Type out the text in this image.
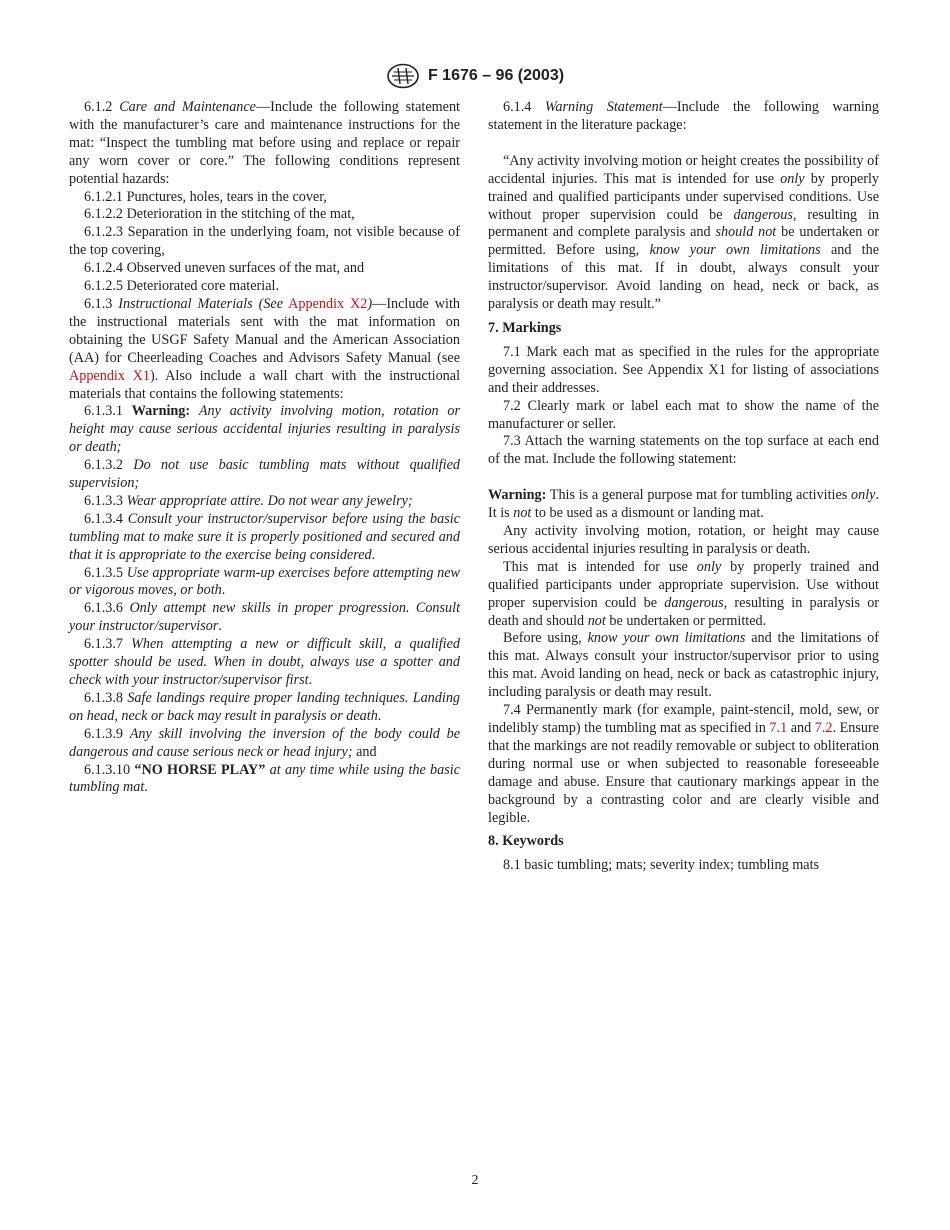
F 1676 – 96 (2003)

6.1.2 Care and Maintenance—Include the following statement with the manufacturer’s care and maintenance instructions for the mat: “Inspect the tumbling mat before using and replace or repair any worn cover or core.” The following conditions represent potential hazards:

6.1.2.1 Punctures, holes, tears in the cover,

6.1.2.2 Deterioration in the stitching of the mat,

6.1.2.3 Separation in the underlying foam, not visible because of the top covering,

6.1.2.4 Observed uneven surfaces of the mat, and

6.1.2.5 Deteriorated core material.

6.1.3 Instructional Materials (See Appendix X2)—Include with the instructional materials sent with the mat information on obtaining the USGF Safety Manual and the American Association (AA) for Cheerleading Coaches and Advisors Safety Manual (see Appendix X1). Also include a wall chart with the instructional materials that contains the following statements:

6.1.3.1 Warning: Any activity involving motion, rotation or height may cause serious accidental injuries resulting in paralysis or death;

6.1.3.2 Do not use basic tumbling mats without qualified supervision;

6.1.3.3 Wear appropriate attire. Do not wear any jewelry;

6.1.3.4 Consult your instructor/supervisor before using the basic tumbling mat to make sure it is properly positioned and secured and that it is appropriate to the exercise being considered.

6.1.3.5 Use appropriate warm-up exercises before attempting new or vigorous moves, or both.

6.1.3.6 Only attempt new skills in proper progression. Consult your instructor/supervisor.

6.1.3.7 When attempting a new or difficult skill, a qualified spotter should be used. When in doubt, always use a spotter and check with your instructor/supervisor first.

6.1.3.8 Safe landings require proper landing techniques. Landing on head, neck or back may result in paralysis or death.

6.1.3.9 Any skill involving the inversion of the body could be dangerous and cause serious neck or head injury; and

6.1.3.10 “NO HORSE PLAY” at any time while using the basic tumbling mat.

6.1.4 Warning Statement—Include the following warning statement in the literature package:

“Any activity involving motion or height creates the possibility of accidental injuries. This mat is intended for use only by properly trained and qualified participants under supervised conditions. Use without proper supervision could be dangerous, resulting in permanent and complete paralysis and should not be undertaken or permitted. Before using, know your own limitations and the limitations of this mat. If in doubt, always consult your instructor/supervisor. Avoid landing on head, neck or back, as paralysis or death may result.”

7. Markings

7.1 Mark each mat as specified in the rules for the appropriate governing association. See Appendix X1 for listing of associations and their addresses.

7.2 Clearly mark or label each mat to show the name of the manufacturer or seller.

7.3 Attach the warning statements on the top surface at each end of the mat. Include the following statement:

Warning: This is a general purpose mat for tumbling activities only. It is not to be used as a dismount or landing mat.

Any activity involving motion, rotation, or height may cause serious accidental injuries resulting in paralysis or death.

This mat is intended for use only by properly trained and qualified participants under appropriate supervision. Use without proper supervision could be dangerous, resulting in paralysis or death and should not be undertaken or permitted.

Before using, know your own limitations and the limitations of this mat. Always consult your instructor/supervisor prior to using this mat. Avoid landing on head, neck or back as catastrophic injury, including paralysis or death may result.

7.4 Permanently mark (for example, paint-stencil, mold, sew, or indelibly stamp) the tumbling mat as specified in 7.1 and 7.2. Ensure that the markings are not readily removable or subject to obliteration during normal use or when subjected to reasonable foreseeable damage and abuse. Ensure that cautionary markings appear in the background by a contrasting color and are clearly visible and legible.

8. Keywords

8.1 basic tumbling; mats; severity index; tumbling mats

2
